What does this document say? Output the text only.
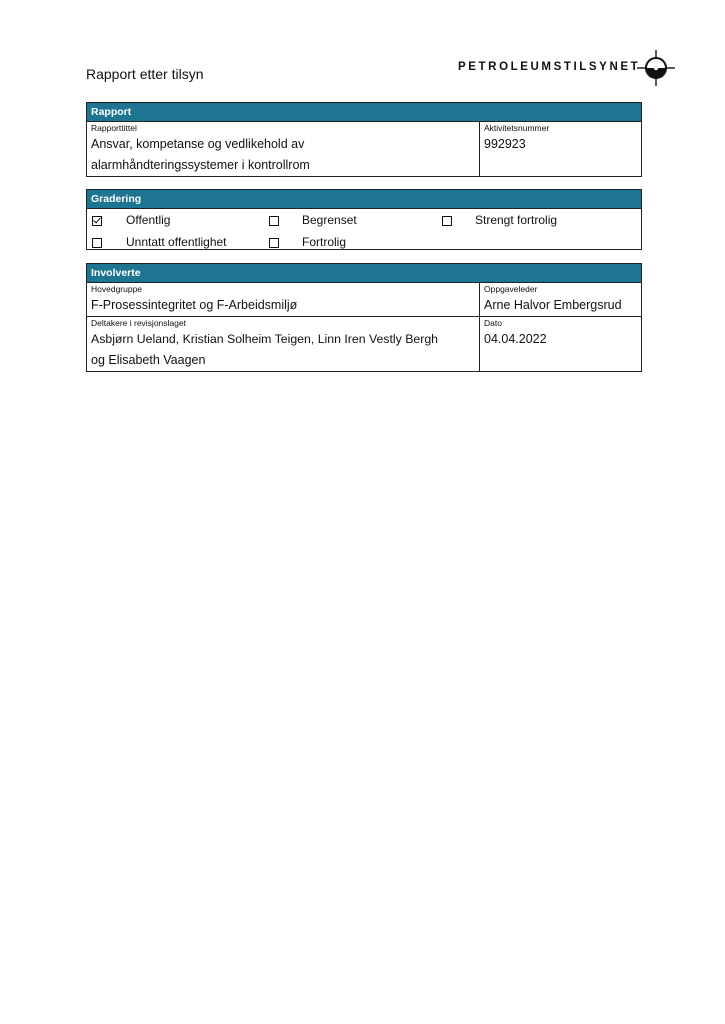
Rapport etter tilsyn	PETROLEUMSTILSYNET
Rapport
Rapporttittel
Ansvar, kompetanse og vedlikehold av
alarmhåndteringssystemer i kontrollrom
Aktivitetsnummer
992923
Gradering
Offentlig	Begrenset	Strengt fortrolig
Unntatt offentlighet	Fortrolig
Involverte
Hovedgruppe
F-Prosessintegritet og F-Arbeidsmiljø
Oppgaveleder
Arne Halvor Embergsrud
Deltakere i revisjonslaget
Asbjørn Ueland, Kristian Solheim Teigen, Linn Iren Vestly Bergh
og Elisabeth Vaagen
Dato
04.04.2022
